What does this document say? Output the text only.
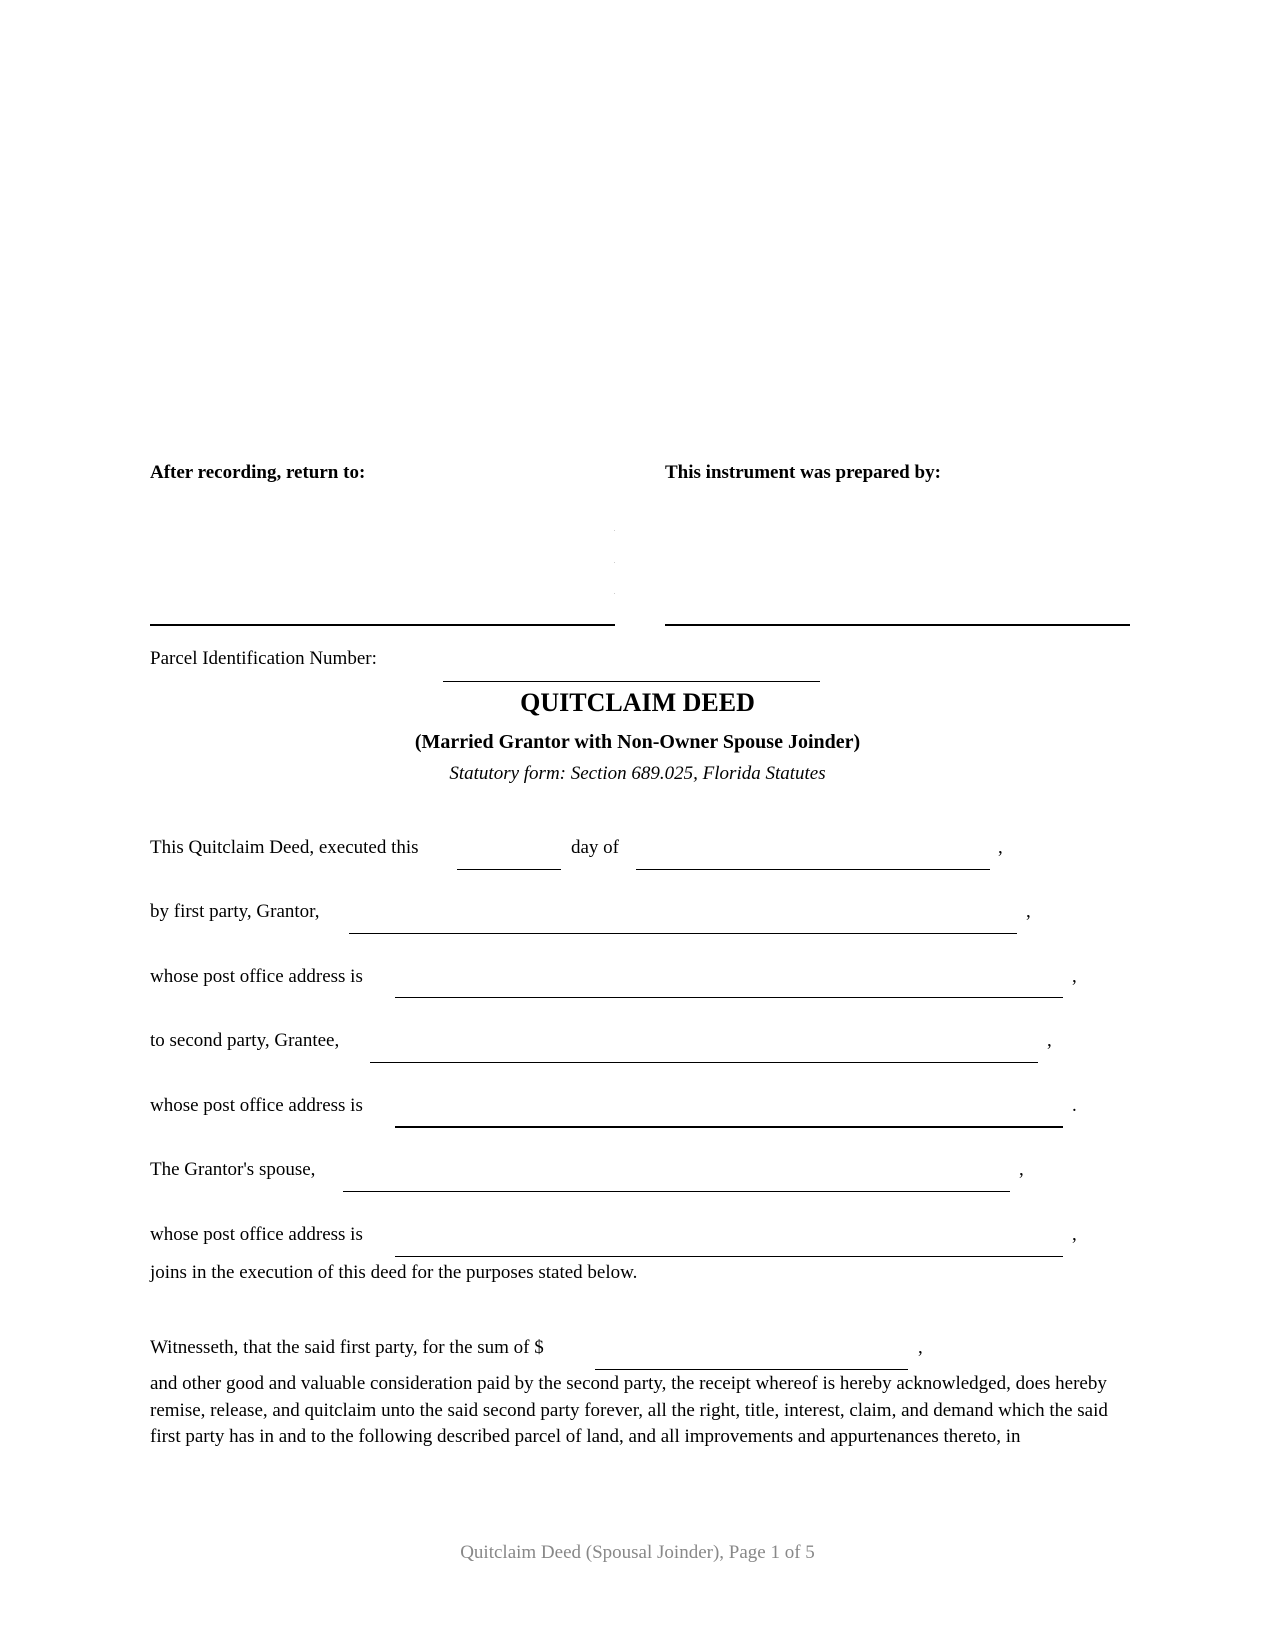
After recording, return to:	This instrument was prepared by:
Parcel Identification Number:
QUITCLAIM DEED
(Married Grantor with Non-Owner Spouse Joinder)
Statutory form: Section 689.025, Florida Statutes
This Quitclaim Deed, executed this	day of	,
by first party, Grantor,	,
whose post office address is	,
to second party, Grantee,	,
whose post office address is	.
The Grantor's spouse,	,
whose post office address is	,
joins in the execution of this deed for the purposes stated below.
Witnesseth, that the said first party, for the sum of $	,
and other good and valuable consideration paid by the second party, the receipt whereof is hereby acknowledged, does hereby remise, release, and quitclaim unto the said second party forever, all the right, title, interest, claim, and demand which the said first party has in and to the following described parcel of land, and all improvements and appurtenances thereto, in
Quitclaim Deed (Spousal Joinder), Page 1 of 5
